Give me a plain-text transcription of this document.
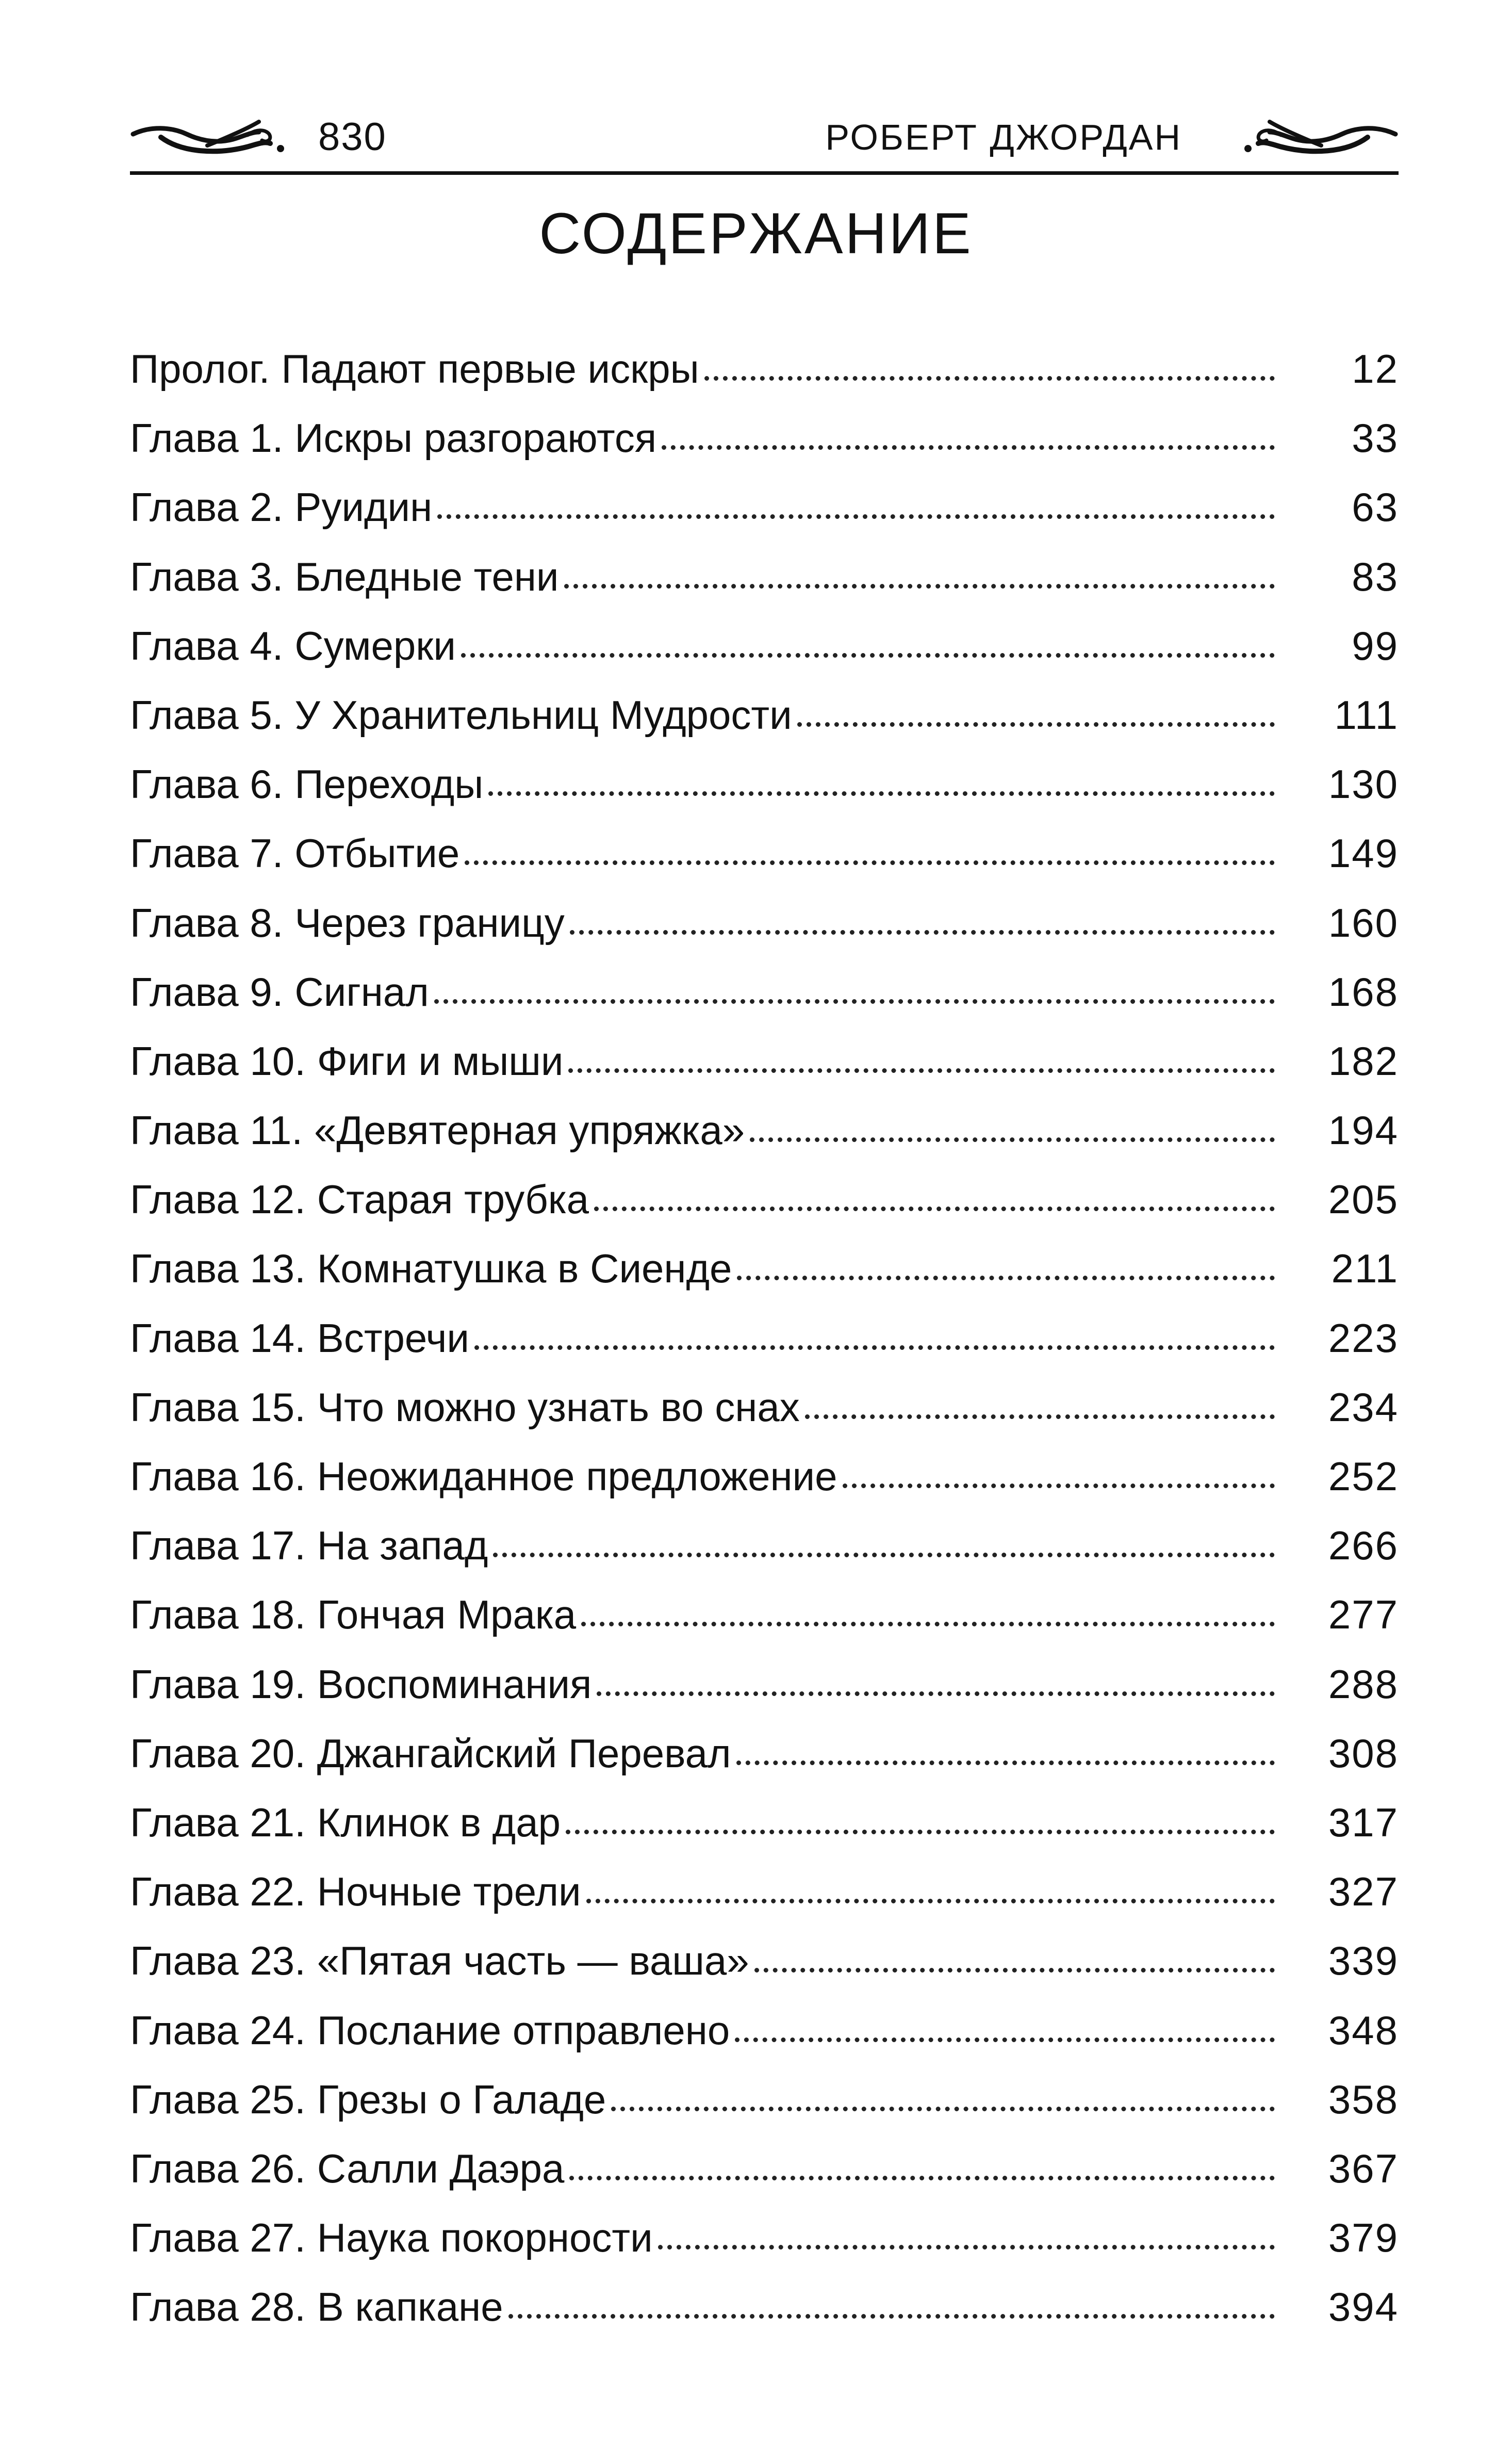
830	РОБЕРТ ДЖОРДАН
СОДЕРЖАНИЕ
Пролог. Падают первые искры	12
Глава 1. Искры разгораются	33
Глава 2. Руидин	63
Глава 3. Бледные тени	83
Глава 4. Сумерки	99
Глава 5. У Хранительниц Мудрости	111
Глава 6. Переходы	130
Глава 7. Отбытие	149
Глава 8. Через границу	160
Глава 9. Сигнал	168
Глава 10. Фиги и мыши	182
Глава 11. «Девятерная упряжка»	194
Глава 12. Старая трубка	205
Глава 13. Комнатушка в Сиенде	211
Глава 14. Встречи	223
Глава 15. Что можно узнать во снах	234
Глава 16. Неожиданное предложение	252
Глава 17. На запад	266
Глава 18. Гончая Мрака	277
Глава 19. Воспоминания	288
Глава 20. Джангайский Перевал	308
Глава 21. Клинок в дар	317
Глава 22. Ночные трели	327
Глава 23. «Пятая часть — ваша»	339
Глава 24. Послание отправлено	348
Глава 25. Грезы о Галаде	358
Глава 26. Салли Даэра	367
Глава 27. Наука покорности	379
Глава 28. В капкане	394
